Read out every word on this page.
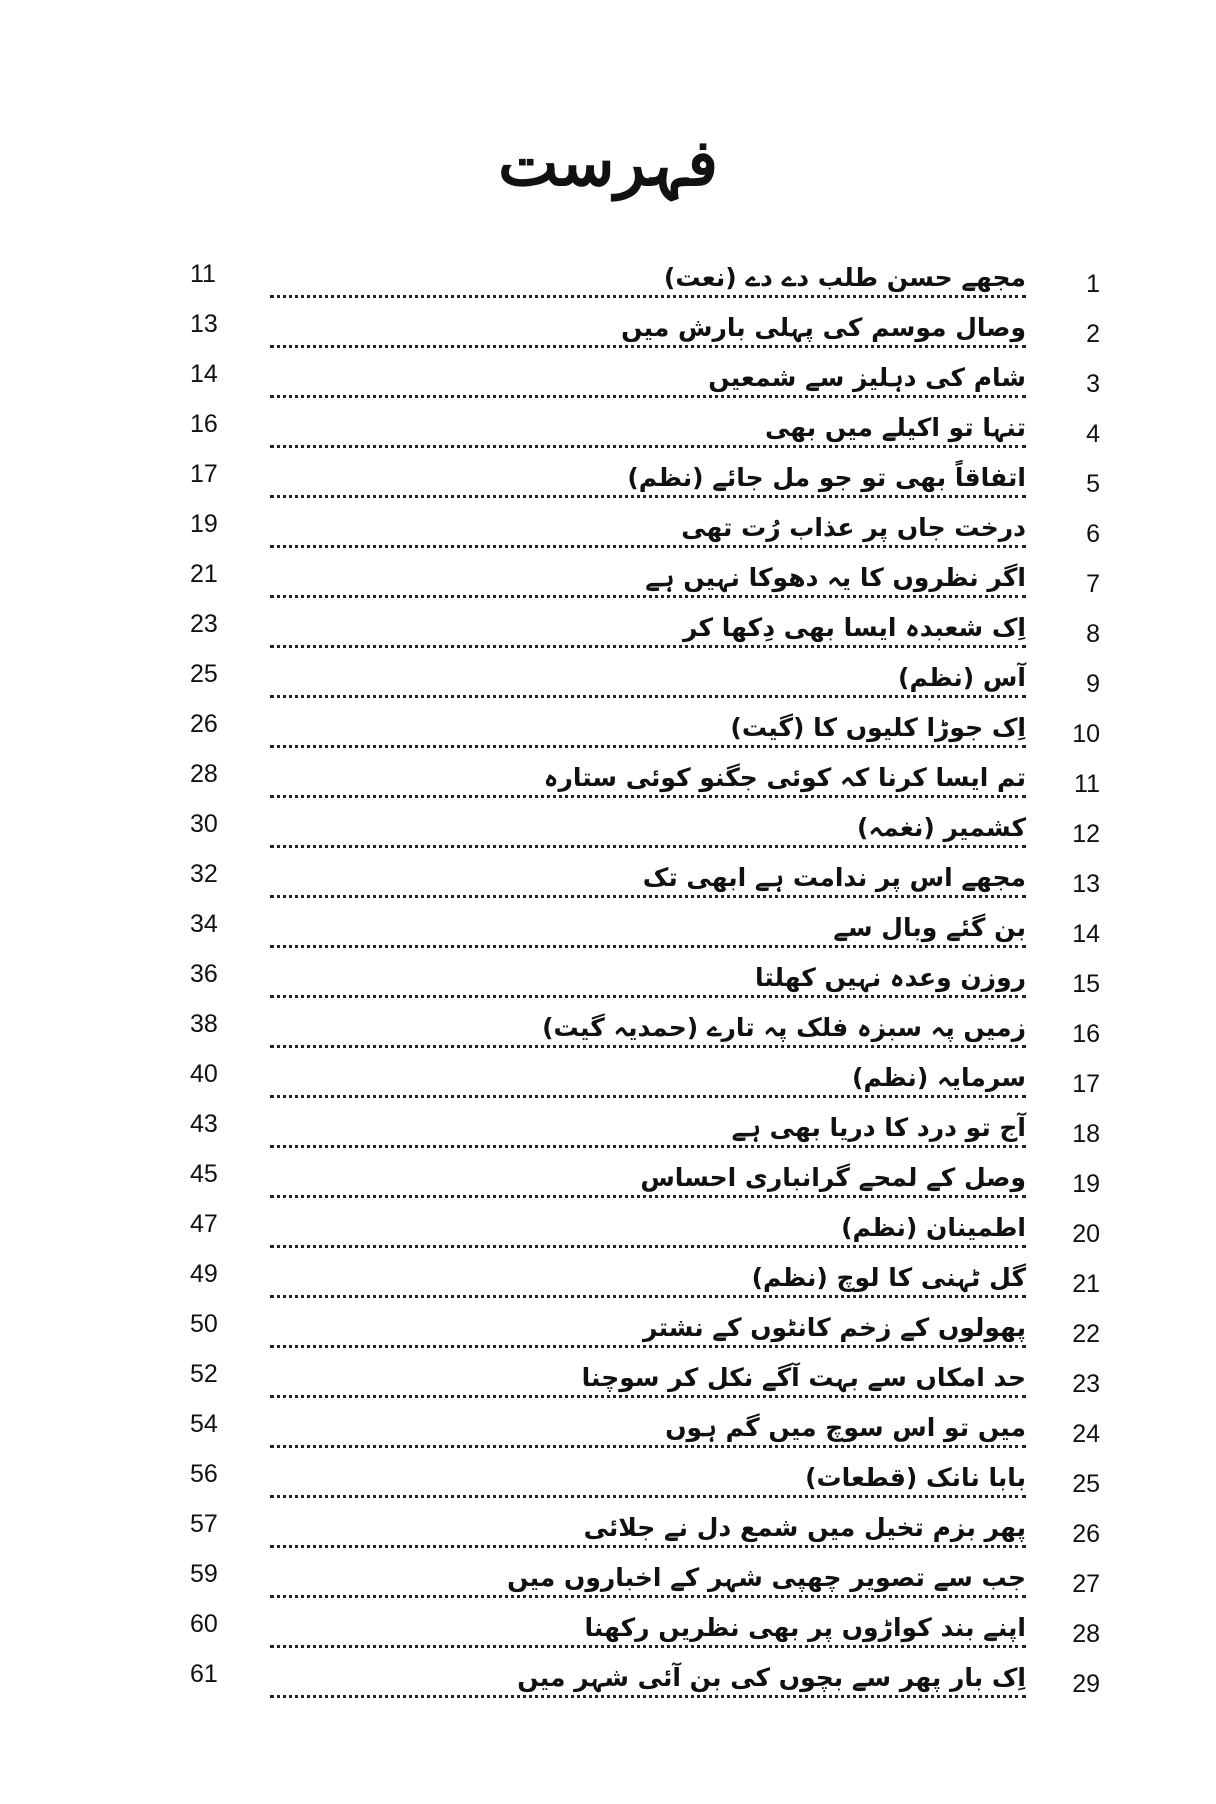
فہرست
1
مجھے حسن طلب دے دے (نعت)
11
2
وصال موسم کی پہلی بارش میں
13
3
شام کی دہلیز سے شمعیں
14
4
تنہا تو اکیلے میں بھی
16
5
اتفاقاً بھی تو جو مل جائے (نظم)
17
6
درخت جاں پر عذاب رُت تھی
19
7
اگر نظروں کا یہ دھوکا نہیں ہے
21
8
اِک شعبدہ ایسا بھی دِکھا کر
23
9
آس (نظم)
25
10
اِک جوڑا کلیوں کا (گیت)
26
11
تم ایسا کرنا کہ کوئی جگنو کوئی ستارہ
28
12
کشمیر (نغمہ)
30
13
مجھے اس پر ندامت ہے ابھی تک
32
14
بن گئے وبال سے
34
15
روزن وعدہ نہیں کھلتا
36
16
زمیں پہ سبزہ فلک پہ تارے (حمدیہ گیت)
38
17
سرمایہ (نظم)
40
18
آج تو درد کا دریا بھی ہے
43
19
وصل کے لمحے گرانباری احساس
45
20
اطمینان (نظم)
47
21
گل ٹہنی کا لوچ (نظم)
49
22
پھولوں کے زخم کانٹوں کے نشتر
50
23
حد امکاں سے بہت آگے نکل کر سوچنا
52
24
میں تو اس سوچ میں گم ہوں
54
25
بابا نانک (قطعات)
56
26
پھر بزم تخیل میں شمع دل نے جلائی
57
27
جب سے تصویر چھپی شہر کے اخباروں میں
59
28
اپنے بند کواڑوں پر بھی نظریں رکھنا
60
29
اِک بار پھر سے بچوں کی بن آئی شہر میں
61
